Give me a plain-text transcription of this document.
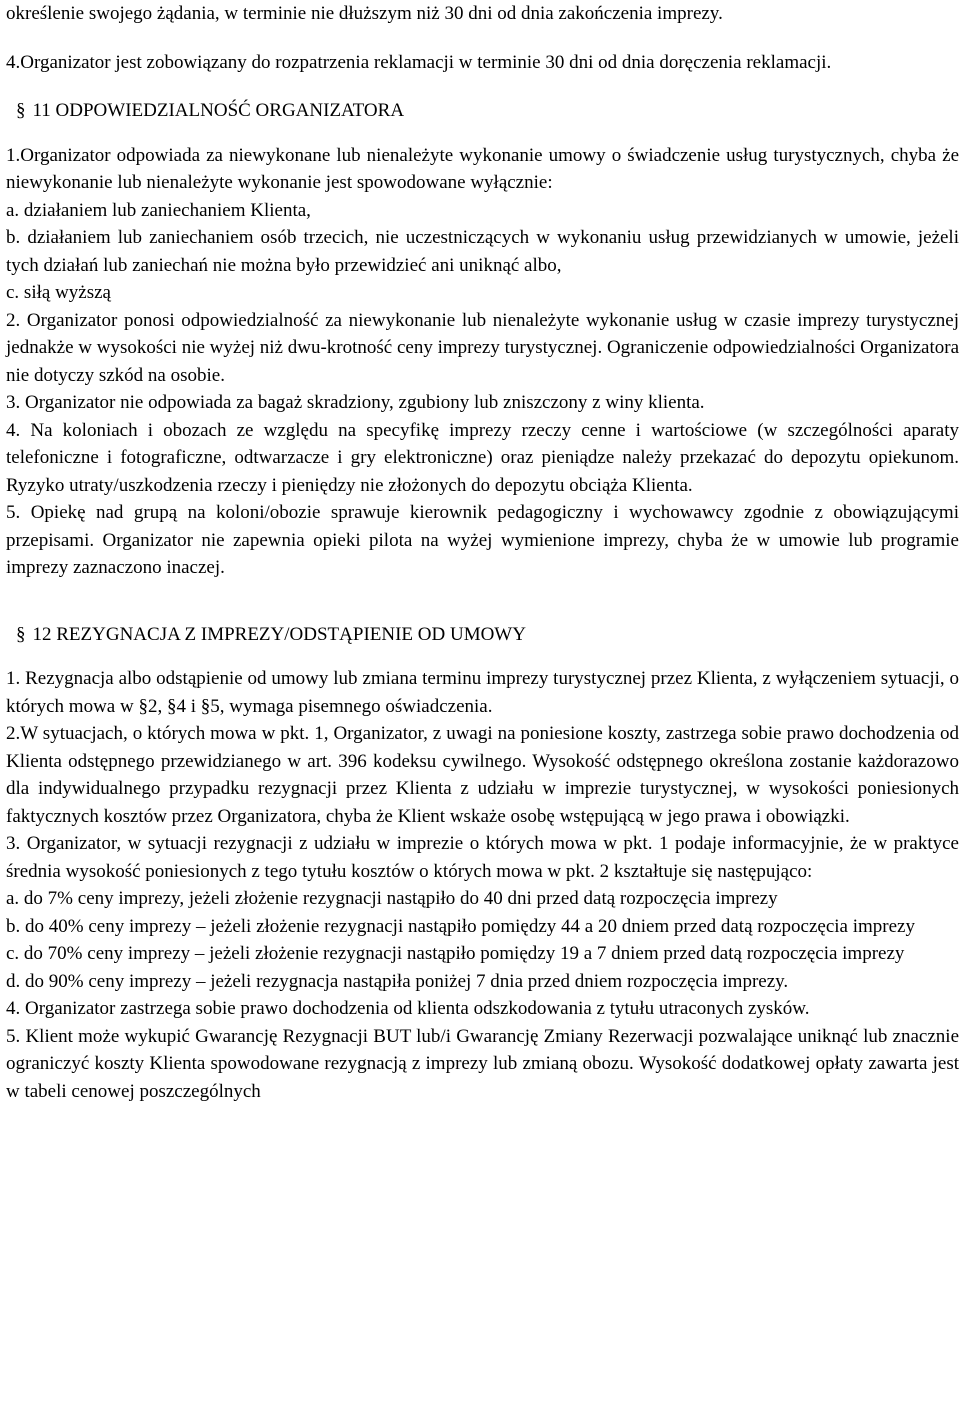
określenie swojego żądania, w terminie nie dłuższym niż 30 dni od dnia zakończenia imprezy.

4.Organizator jest zobowiązany do rozpatrzenia reklamacji w terminie 30 dni od dnia doręczenia reklamacji.

§ 11 ODPOWIEDZIALNOŚĆ ORGANIZATORA

1.Organizator odpowiada za niewykonane lub nienależyte wykonanie umowy o świadczenie usług turystycznych, chyba że niewykonanie lub nienależyte wykonanie jest spowodowane wyłącznie:

a. działaniem lub zaniechaniem Klienta,

b. działaniem lub zaniechaniem osób trzecich, nie uczestniczących w wykonaniu usług przewidzianych w umowie, jeżeli tych działań lub zaniechań nie można było przewidzieć ani uniknąć albo,

c. siłą wyższą

2. Organizator ponosi odpowiedzialność za niewykonanie lub nienależyte wykonanie usług w czasie imprezy turystycznej jednakże w wysokości nie wyżej niż dwu-krotność ceny imprezy turystycznej. Ograniczenie odpowiedzialności Organizatora nie dotyczy szkód na osobie.

3. Organizator nie odpowiada za bagaż skradziony, zgubiony lub zniszczony z winy klienta.

4. Na koloniach i obozach ze względu na specyfikę imprezy rzeczy cenne i wartościowe (w szczególności aparaty telefoniczne i fotograficzne, odtwarzacze i gry elektroniczne) oraz pieniądze należy przekazać do depozytu opiekunom. Ryzyko utraty/uszkodzenia rzeczy i pieniędzy nie złożonych do depozytu obciąża Klienta.

5. Opiekę nad grupą na koloni/obozie sprawuje kierownik pedagogiczny i wychowawcy zgodnie z obowiązującymi przepisami. Organizator nie zapewnia opieki pilota na wyżej wymienione imprezy, chyba że w umowie lub programie imprezy zaznaczono inaczej.

§ 12 REZYGNACJA Z IMPREZY/ODSTĄPIENIE OD UMOWY

1. Rezygnacja albo odstąpienie od umowy lub zmiana terminu imprezy turystycznej przez Klienta, z wyłączeniem sytuacji, o których mowa w §2, §4 i §5, wymaga pisemnego oświadczenia.

2.W sytuacjach, o których mowa w pkt. 1, Organizator, z uwagi na poniesione koszty, zastrzega sobie prawo dochodzenia od Klienta odstępnego przewidzianego w art. 396 kodeksu cywilnego. Wysokość odstępnego określona zostanie każdorazowo dla indywidualnego przypadku rezygnacji przez Klienta z udziału w imprezie turystycznej, w wysokości poniesionych faktycznych kosztów przez Organizatora, chyba że Klient wskaże osobę wstępującą w jego prawa i obowiązki.

3. Organizator, w sytuacji rezygnacji z udziału w imprezie o których mowa w pkt. 1 podaje informacyjnie, że w praktyce średnia wysokość poniesionych z tego tytułu kosztów o których mowa w pkt. 2 kształtuje się następująco:

a. do 7% ceny imprezy, jeżeli złożenie rezygnacji nastąpiło do 40 dni przed datą rozpoczęcia imprezy

b. do 40% ceny imprezy – jeżeli złożenie rezygnacji nastąpiło pomiędzy 44 a 20 dniem przed datą rozpoczęcia imprezy

c. do 70% ceny imprezy – jeżeli złożenie rezygnacji nastąpiło pomiędzy 19 a 7 dniem przed datą rozpoczęcia imprezy

d. do 90% ceny imprezy – jeżeli rezygnacja nastąpiła poniżej 7 dnia przed dniem rozpoczęcia imprezy.

4. Organizator zastrzega sobie prawo dochodzenia od klienta odszkodowania z tytułu utraconych zysków.

5. Klient może wykupić Gwarancję Rezygnacji BUT lub/i Gwarancję Zmiany Rezerwacji pozwalające uniknąć lub znacznie ograniczyć koszty Klienta spowodowane rezygnacją z imprezy lub zmianą obozu. Wysokość dodatkowej opłaty zawarta jest w tabeli cenowej poszczególnych
